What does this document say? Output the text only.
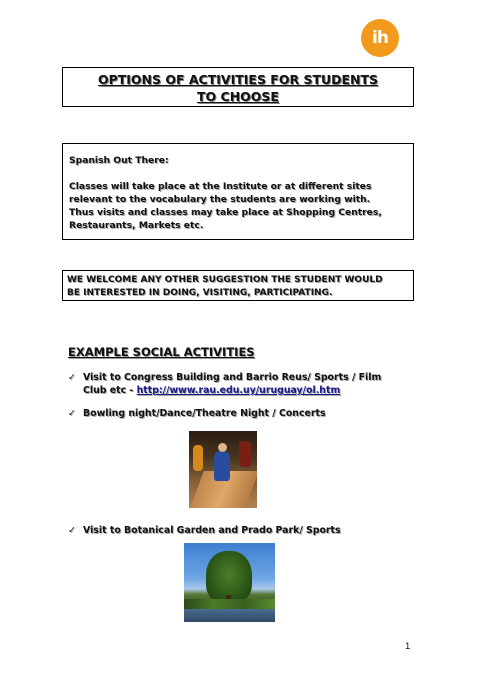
ih
OPTIONS OF ACTIVITIES FOR STUDENTS
TO CHOOSE

Spanish Out There:

Classes will take place at the Institute or at different sites

relevant to the vocabulary the students are working with.

Thus visits and classes may take place at Shopping Centres,

Restaurants, Markets etc.

WE WELCOME ANY OTHER SUGGESTION THE STUDENT WOULD
BE INTERESTED IN DOING, VISITING, PARTICIPATING.
EXAMPLE SOCIAL ACTIVITIES
✓ Visit to Congress Building and Barrio Reus/ Sports / Film
Club etc - http://www.rau.edu.uy/uruguay/ol.htm
✓ Bowling night/Dance/Theatre Night / Concerts
✓ Visit to Botanical Garden and Prado Park/ Sports
1
